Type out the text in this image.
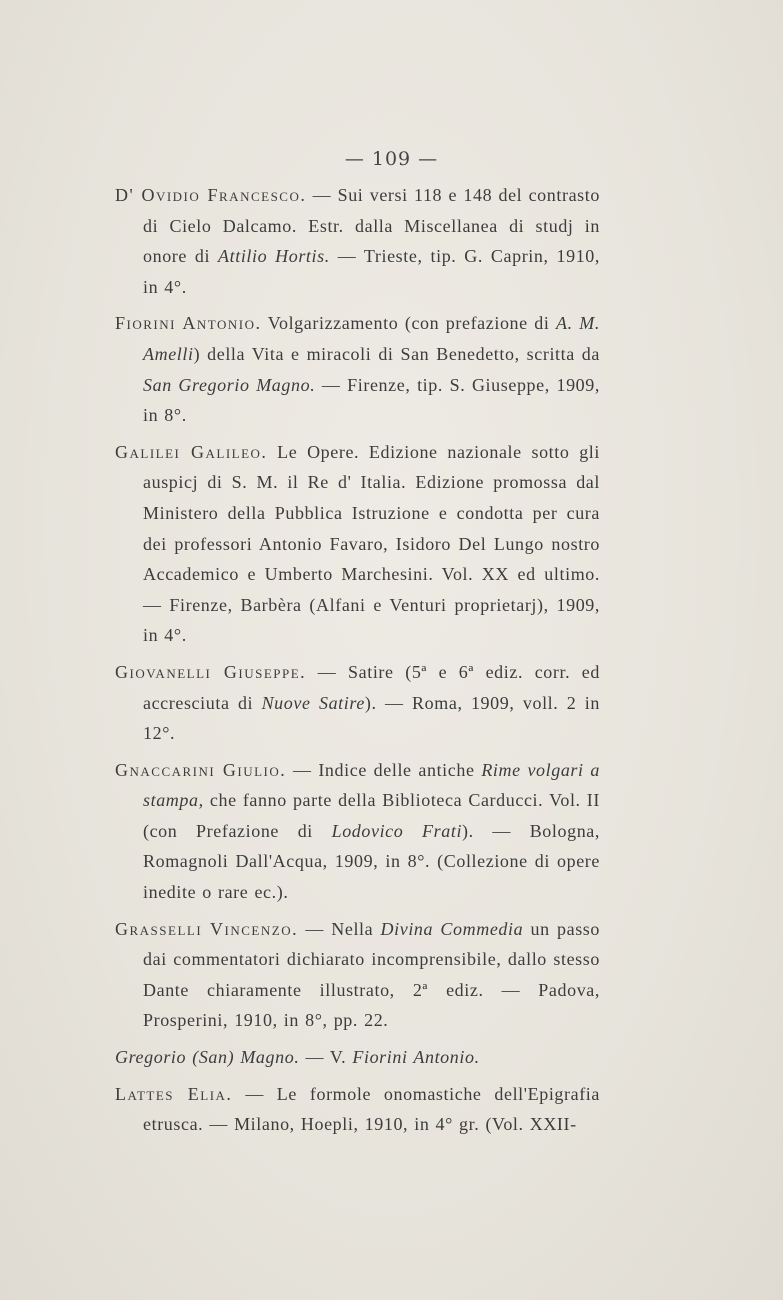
— 109 —

D' Ovidio Francesco. — Sui versi 118 e 148 del contrasto di Cielo Dalcamo. Estr. dalla Miscellanea di studj in onore di Attilio Hortis. — Trieste, tip. G. Caprin, 1910, in 4°.

Fiorini Antonio. Volgarizzamento (con prefazione di A. M. Amelli) della Vita e miracoli di San Benedetto, scritta da San Gregorio Magno. — Firenze, tip. S. Giuseppe, 1909, in 8°.

Galilei Galileo. Le Opere. Edizione nazionale sotto gli auspicj di S. M. il Re d' Italia. Edizione promossa dal Ministero della Pubblica Istruzione e condotta per cura dei professori Antonio Favaro, Isidoro Del Lungo nostro Accademico e Umberto Marchesini. Vol. XX ed ultimo. — Firenze, Barbèra (Alfani e Venturi proprietarj), 1909, in 4°.

Giovanelli Giuseppe. — Satire (5ª e 6ª ediz. corr. ed accresciuta di Nuove Satire). — Roma, 1909, voll. 2 in 12°.

Gnaccarini Giulio. — Indice delle antiche Rime volgari a stampa, che fanno parte della Biblioteca Carducci. Vol. II (con Prefazione di Lodovico Frati). — Bologna, Romagnoli Dall'Acqua, 1909, in 8°. (Collezione di opere inedite o rare ec.).

Grasselli Vincenzo. — Nella Divina Commedia un passo dai commentatori dichiarato incomprensibile, dallo stesso Dante chiaramente illustrato, 2ª ediz. — Padova, Prosperini, 1910, in 8°, pp. 22.

Gregorio (San) Magno. — V. Fiorini Antonio.

Lattes Elia. — Le formole onomastiche dell'Epigrafia etrusca. — Milano, Hoepli, 1910, in 4° gr. (Vol. XXII-
